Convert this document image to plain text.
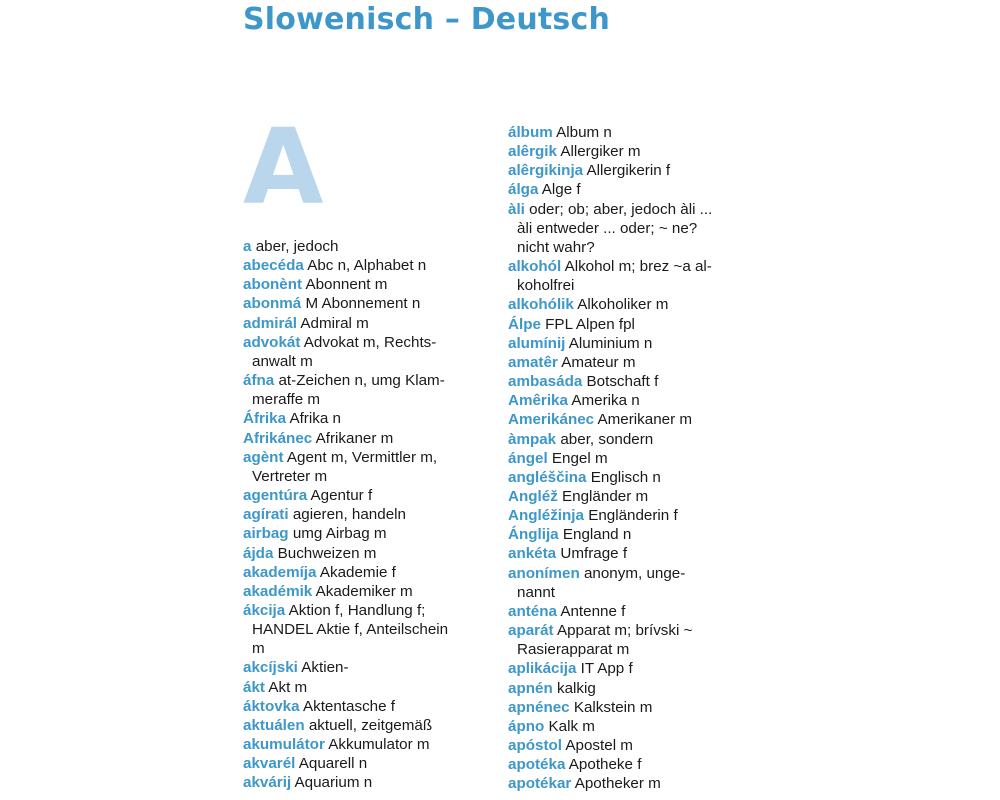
Slowenisch – Deutsch
A

a aber, jedoch

abecéda Abc n, Alphabet n

abonènt Abonnent m

abonmá M Abonnement n

admirál Admiral m

advokát Advokat m, Rechts-
anwalt m

áfna at-Zeichen n, umg Klam-
meraffe m

Áfrika Afrika n

Afrikánec Afrikaner m

agènt Agent m, Vermittler m,
Vertreter m

agentúra Agentur f

agírati agieren, handeln

airbag umg Airbag m

ájda Buchweizen m

akademíja Akademie f

akadémik Akademiker m

ákcija Aktion f, Handlung f;
HANDEL Aktie f, Anteilschein
m

akcíjski Aktien-

ákt Akt m

áktovka Aktentasche f

aktuálen aktuell, zeitgemäß

akumulátor Akkumulator m

akvarél Aquarell n

akvárij Aquarium n

álbum Album n

alêrgik Allergiker m

alêrgikinja Allergikerin f

álga Alge f

àli oder; ob; aber, jedoch àli ...
àli entweder ... oder; ~ ne?
nicht wahr?

alkohól Alkohol m; brez ~a al-
koholfrei

alkohólik Alkoholiker m

Álpe FPL Alpen fpl

alumínij Aluminium n

amatêr Amateur m

ambasáda Botschaft f

Amêrika Amerika n

Amerikánec Amerikaner m

àmpak aber, sondern

ángel Engel m

angléščina Englisch n

Angléž Engländer m

Angléžinja Engländerin f

Ánglija England n

ankéta Umfrage f

anonímen anonym, unge-
nannt

anténa Antenne f

aparát Apparat m; brívski ~
Rasierapparat m

aplikácija IT App f

apnén kalkig

apnénec Kalkstein m

ápno Kalk m

apóstol Apostel m

apotéka Apotheke f

apotékar Apotheker m
